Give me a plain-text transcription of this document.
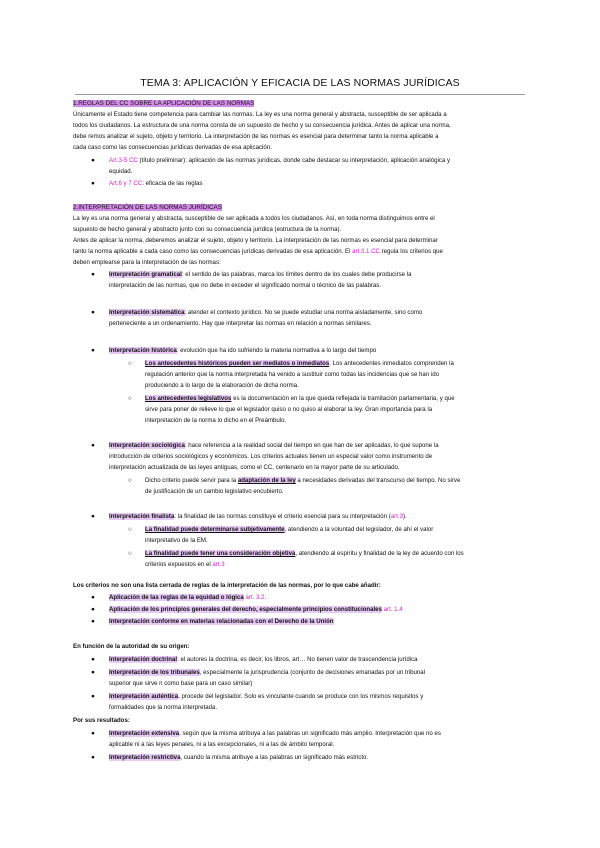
TEMA 3: APLICACIÓN Y EFICACIA DE LAS NORMAS JURÍDICAS
1.REGLAS DEL CC SOBRE LA APLICACIÓN DE LAS NORMAS
Únicamente el Estado tiene competencia para cambiar las normas. La ley es una norma general y abstracta, susceptible de ser aplicada a
todos los ciudadanos. La estructura de una norma consta de un supuesto de hecho y su consecuencia jurídica. Antes de aplicar una norma,
debe remos analizar el sujeto, objeto y territorio. La interpretación de las normas es esencial para determinar tanto la norma aplicable a
cada caso como las consecuencias jurídicas derivadas de esa aplicación.
● Art.3-5 CC (título preliminar): aplicación de las normas jurídicas, donde cabe destacar su interpretación, aplicación analógica y
equidad.
● Art.6 y 7 CC: eficacia de las reglas
2.INTERPRETACIÓN DE LAS NORMAS JURÍDICAS
La ley es una norma general y abstracta, susceptible de ser aplicada a todos los ciudadanos. Así, en toda norma distinguimos entre el
supuesto de hecho general y abstracto junto con su consecuencia jurídica (estructura de la norma).
Antes de aplicar la norma, deberemos analizar el sujeto, objeto y territorio. La interpretación de las normas es esencial para determinar
tanto la norma aplicable a cada caso como las consecuencias jurídicas derivadas de esa aplicación. El art.3.1.CC regula los criterios que
deben emplearse para la interpretación de las normas:
● Interpretación gramatical: el sentido de las palabras, marca los límites dentro de los cuales debe producirse la
interpretación de las normas, que no debe in exceder el significado normal o técnico de las palabras.
● Interpretación sistemática: atender el contexto jurídico. No se puede estudiar una norma aisladamente, sino como
perteneciente a un ordenamiento. Hay que interpretar las normas en relación a normas similares.
● Interpretación histórica: evolución que ha ido sufriendo la materia normativa a lo largo del tiempo
○ Los antecedentes históricos pueden ser mediatos o inmediatos. Los antecedentes inmediatos comprenden la
regulación anterior que la norma interpretada ha venido a sustituir como todas las incidencias que se han ido
produciendo a lo largo de la elaboración de dicha norma.
○ Los antecedentes legislativos es la documentación en la que queda reflejada la tramitación parlamentaria, y que
sirve para poner de relieve lo que el legislador quiso o no quiso al elaborar la ley. Gran importancia para la
interpretación de la norma lo dicho en el Preámbulo.
● Interpretación sociológica: hace referencia a la realidad social del tiempo en que han de ser aplicadas, lo que supone la
introducción de criterios sociológicos y económicos. Los criterios actuales tienen un especial valor como instrumento de
interpretación actualizada de las leyes antiguas, como el CC, centenario en la mayor parte de su articulado.
○ Dicho criterio puede servir para la adaptación de la ley a necesidades derivadas del transcurso del tiempo. No sirve
de justificación de un cambio legislativo encubierto.
● Interpretación finalista: la finalidad de las normas constituye el criterio esencial para su interpretación (art.3).
○ La finalidad puede determinarse subjetivamente, atendiendo a la voluntad del legislador, de ahí el valor
interpretativo de la EM.
○ La finalidad puede tener una consideración objetiva, atendiendo al espíritu y finalidad de la ley de acuerdo con los
criterios expuestos en el art.3
Los criterios no son una lista cerrada de reglas de la interpretación de las normas, por lo que cabe añadir:
● Aplicación de las reglas de la equidad o lógica art. 3.2.
● Aplicación de los principios generales del derecho, especialmente principios constitucionales art. 1.4
● Interpretación conforme en materias relacionadas con el Derecho de la Unión
En función de la autoridad de su origen:
● Interpretación doctrinal: el autores la doctrina, es decir, los libros, art… No tienen valor de trascendencia jurídica
● Interpretación de los tribunales, especialmente la jurisprudencia (conjunto de decisiones emanadas por un tribunal
superior que sirve n como base para un caso similar)
● Interpretación auténtica, procede del legislador. Solo es vinculante cuando se produce con los mismos requisitos y
formalidades que la norma interpretada.
Por sus resultados:
● Interpretación extensiva, según que la misma atribuya a las palabras un significado más amplio. Interpretación que no es
aplicable ni a las leyes penales, ni a las excepcionales, ni a las de ámbito temporal.
● Interpretación restrictiva, cuando la misma atribuye a las palabras un significado más estricto.
